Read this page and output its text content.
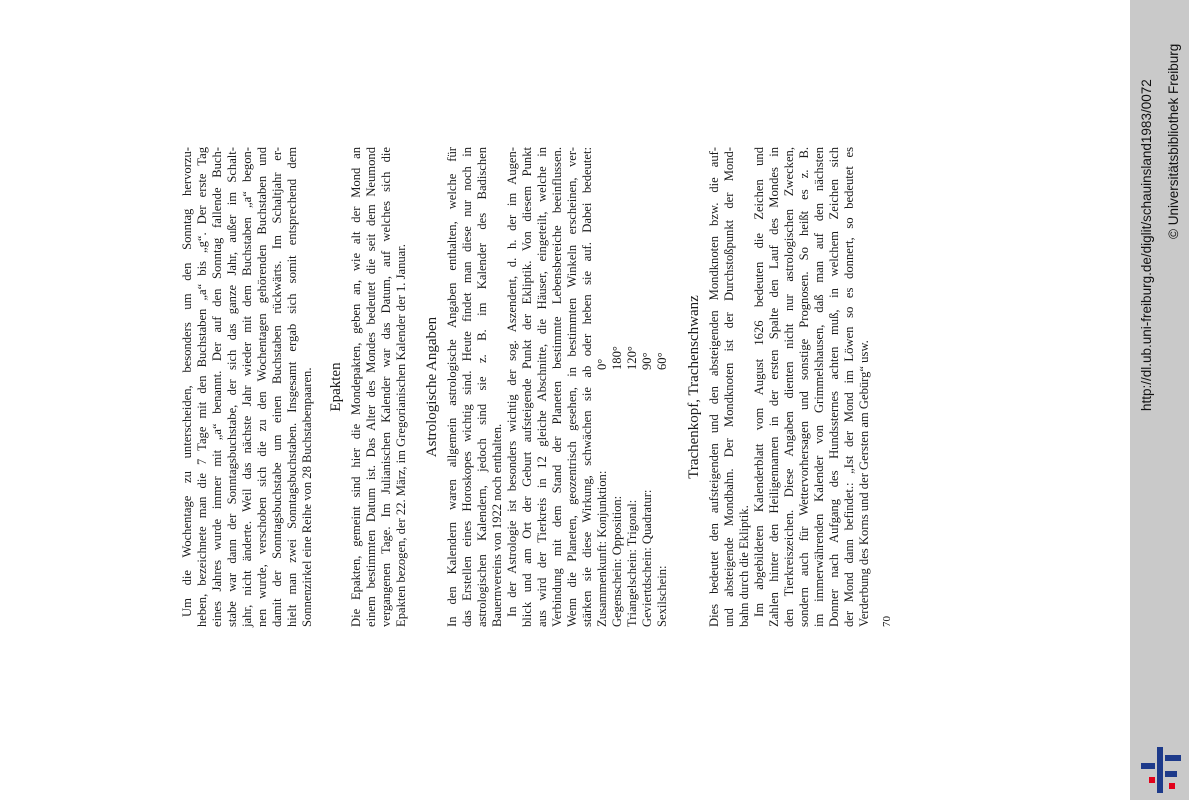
Um die Wochentage zu unterscheiden, besonders um den Sonntag hervorzu- heben, bezeichnete man die 7 Tage mit den Buchstaben „a“ bis „g“. Der erste Tag eines Jahres wurde immer mit „a“ benannt. Der auf den Sonntag fallende Buch- stabe war dann der Sonntagsbuchstabe, der sich das ganze Jahr, außer im Schalt- jahr, nicht änderte. Weil das nächste Jahr wieder mit dem Buchstaben „a“ begon- nen wurde, verschoben sich die zu den Wochentagen gehörenden Buchstaben und damit der Sonntagsbuchstabe um einen Buchstaben rückwärts. Im Schaltjahr er- hielt man zwei Sonntagsbuchstaben. Insgesamt ergab sich somit entsprechend dem Sonnenzirkel eine Reihe von 28 Buchstabenpaaren. Epakten Die Epakten, gemeint sind hier die Mondepakten, geben an, wie alt der Mond an einem bestimmten Datum ist. Das Alter des Mondes bedeutet die seit dem Neumond vergangenen Tage. Im Julianischen Kalender war das Datum, auf welches sich die Epakten bezogen, der 22. März, im Gregorianischen Kalender der 1. Januar. Astrologische Angaben In den Kalendern waren allgemein astrologische Angaben enthalten, welche für das Erstellen eines Horoskopes wichtig sind. Heute findet man diese nur noch in astrologischen Kalendern, jedoch sind sie z. B. im Kalender des Badischen Bauernvereins von 1922 noch enthalten. In der Astrologie ist besonders wichtig der sog. Aszendent, d. h. der im Augen- blick und am Ort der Geburt aufsteigende Punkt der Ekliptik. Von diesem Punkt aus wird der Tierkreis in 12 gleiche Abschnitte, die Häuser, eingeteilt, welche in Verbindung mit dem Stand der Planeten bestimmte Lebensbereiche beeinflussen. Wenn die Planeten, geozentrisch gesehen, in bestimmten Winkeln erscheinen, ver- stärken sie diese Wirkung, schwächen sie ab oder heben sie auf. Dabei bedeutet: Zusammenkunft: Konjunktion:
0°
Gegenschein: Opposition:
180°
Triangelschein: Trigonal:
120°
Geviertdschein: Quadratur:
90°
Sexilschein:
60° Trachenkopf, Trachenschwanz Dies bedeutet den aufsteigenden und den absteigenden Mondknoten bzw. die auf- und absteigende Mondbahn. Der Mondknoten ist der Durchstoßpunkt der Mond- bahn durch die Ekliptik. Im abgebildeten Kalenderblatt vom August 1626 bedeuten die Zeichen und Zahlen hinter den Heiligennamen in der ersten Spalte den Lauf des Mondes in den Tierkreiszeichen. Diese Angaben dienten nicht nur astrologischen Zwecken, sondern auch für Wettervorhersagen und sonstige Prognosen. So heißt es z. B. im immerwährenden Kalender von Grimmelshausen, daß man auf den nächsten Donner nach Aufgang des Hundssternes achten muß, in welchem Zeichen sich der Mond dann befindet.: „Ist der Mond im Löwen so es donnert, so bedeutet es Verderbung des Korns und der Gersten am Gebürg“ usw. 70
http://dl.ub.uni-freiburg.de/diglit/schauinsland1983/0072 © Universitätsbibliothek Freiburg
